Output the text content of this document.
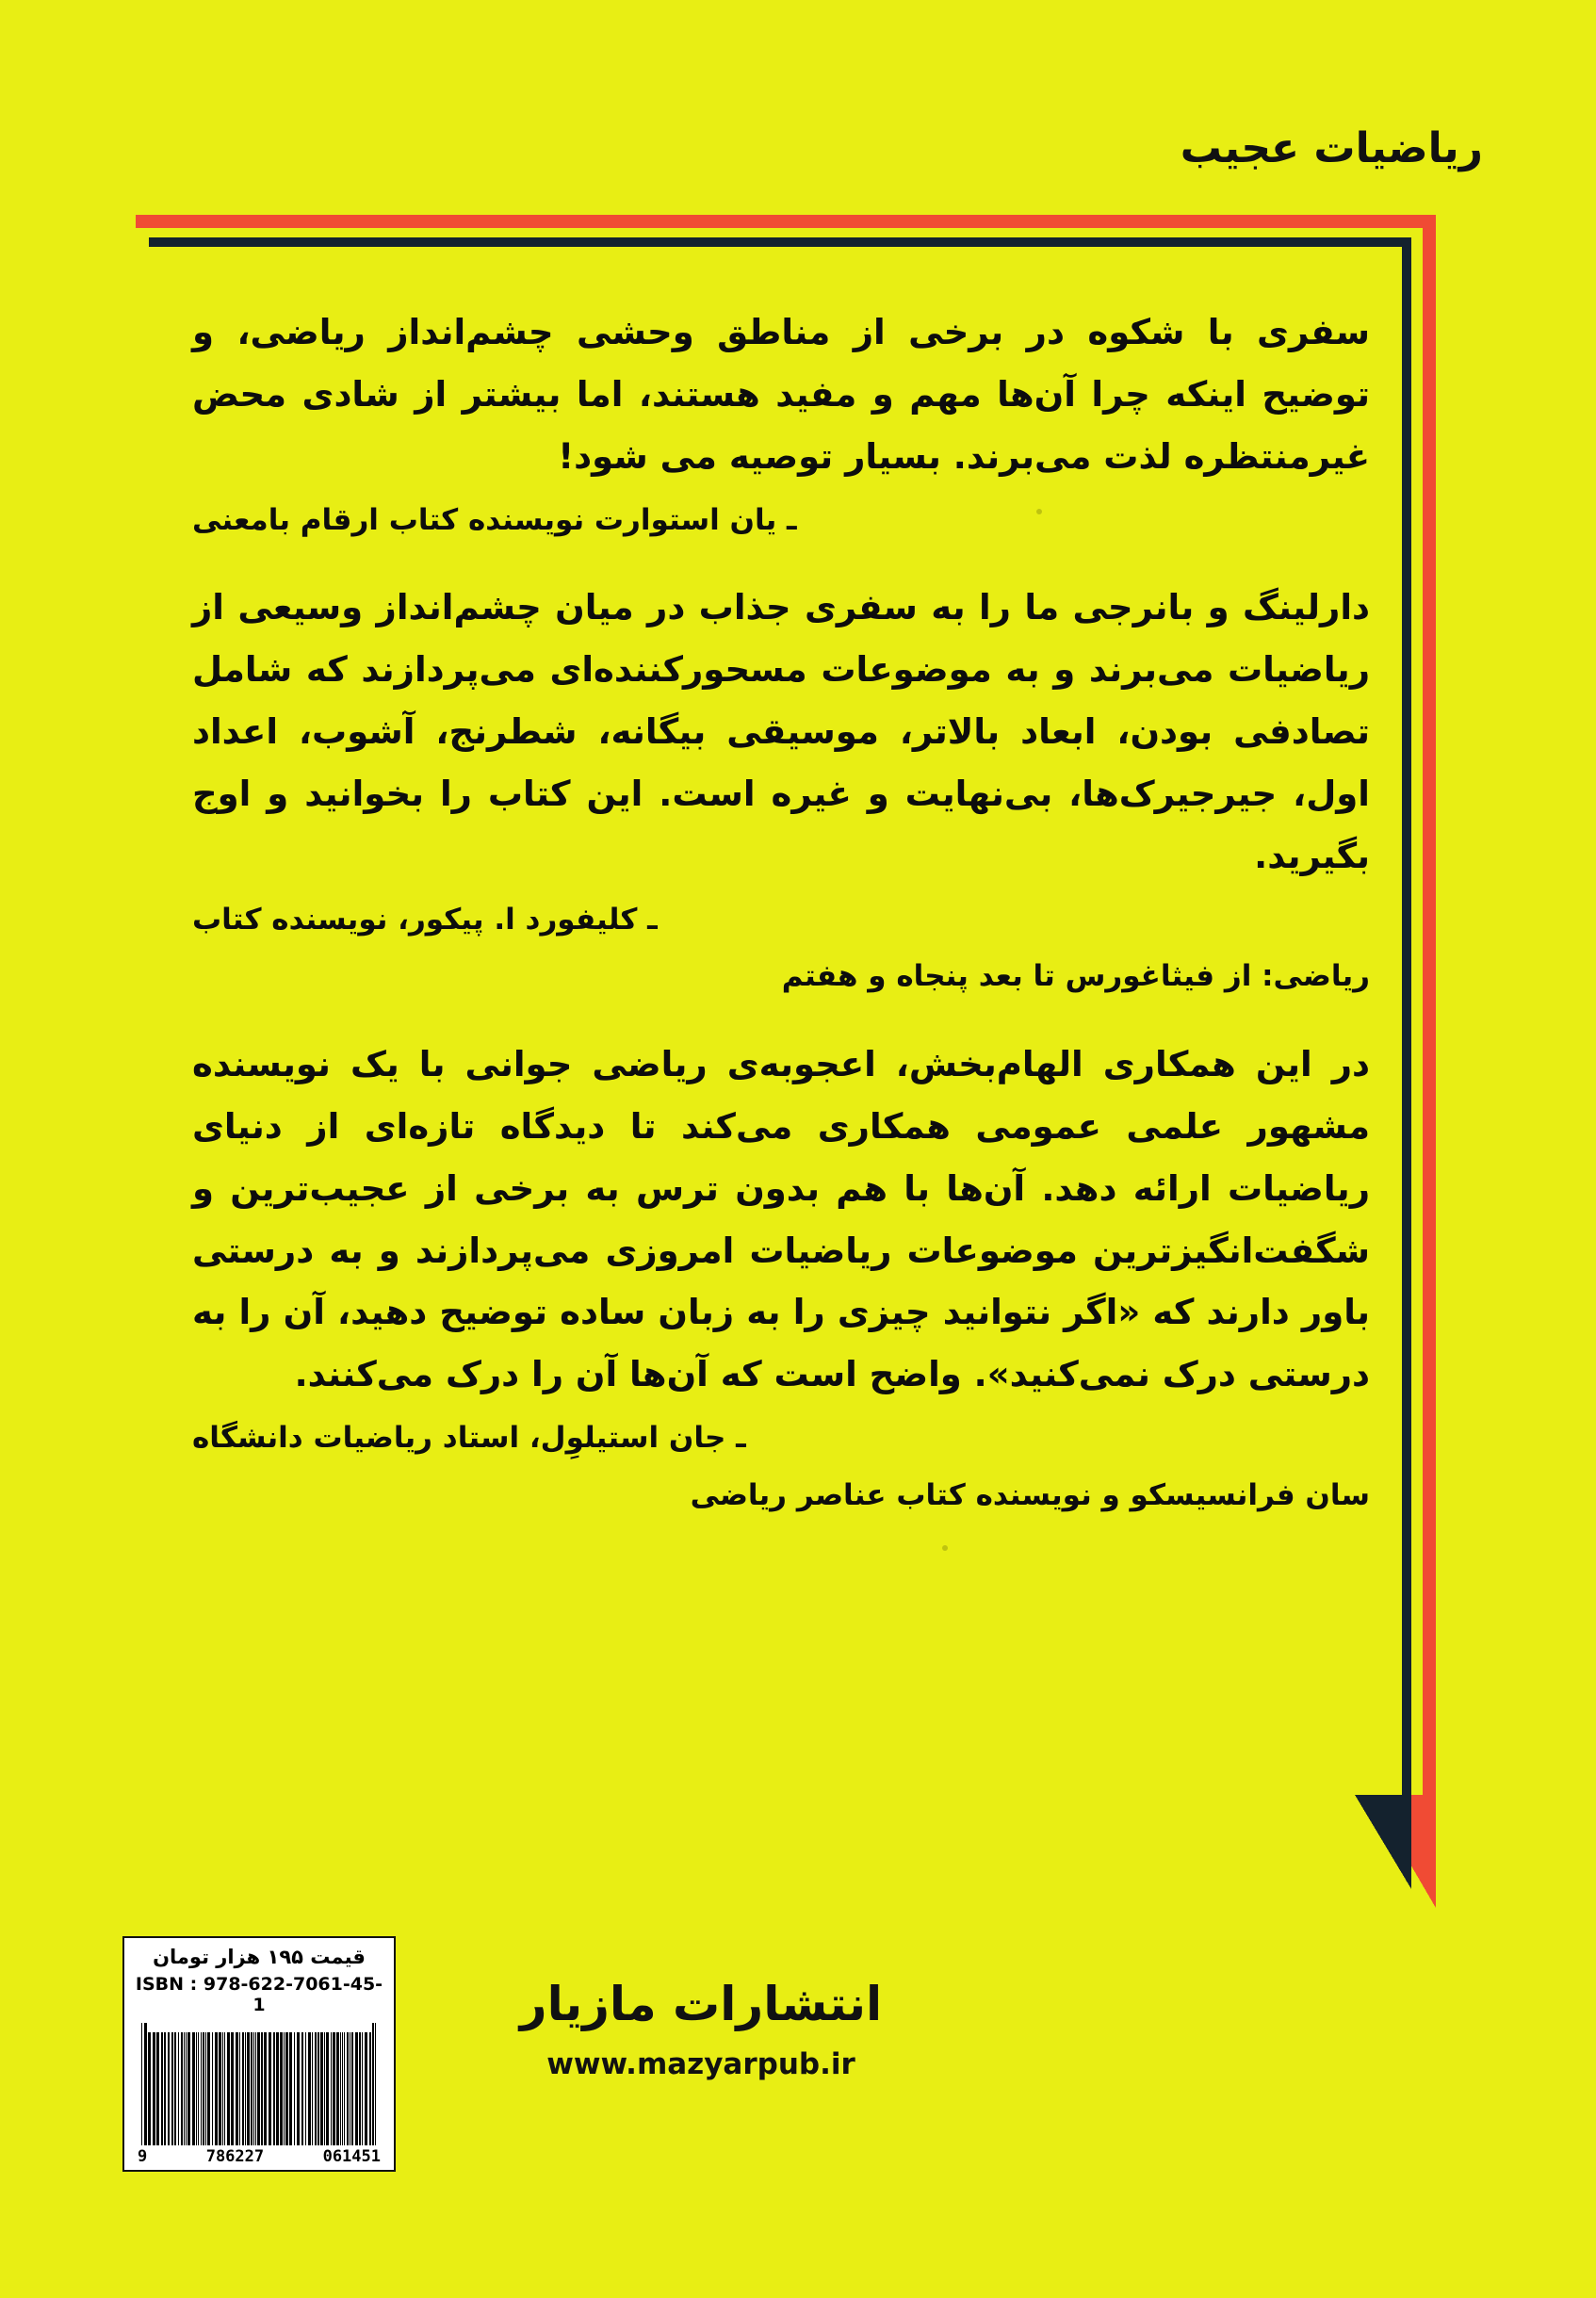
ریاضیات عجیب
سفری با شکوه در برخی از مناطق وحشی چشم‌انداز ریاضی، و توضیح اینکه چرا آن‌ها مهم و مفید هستند، اما بیشتر از شادی محض غیرمنتظره لذت می‌برند. بسیار توصیه می شود!
ـ یان استوارت نویسنده کتاب ارقام بامعنی
دارلینگ و بانرجی ما را به سفری جذاب در میان چشم‌انداز وسیعی از ریاضیات می‌برند و به موضوعات مسحورکننده‌ای می‌پردازند که شامل تصادفی بودن، ابعاد بالاتر، موسیقی بیگانه، شطرنج، آشوب، اعداد اول، جیرجیرک‌ها، بی‌نهایت و غیره است. این کتاب را بخوانید و اوج بگیرید.
ـ کلیفورد ا. پیکور، نویسنده کتاب
ریاضی: از فیثاغورس تا بعد پنجاه و هفتم
در این همکاری الهام‌بخش، اعجوبه‌ی ریاضی جوانی با یک نویسنده مشهور علمی عمومی همکاری می‌کند تا دیدگاه تازه‌ای از دنیای ریاضیات ارائه دهد. آن‌ها با هم بدون ترس به برخی از عجیب‌ترین و شگفت‌انگیزترین موضوعات ریاضیات امروزی می‌پردازند و به درستی باور دارند که «اگر نتوانید چیزی را به زبان ساده توضیح دهید، آن را به درستی درک نمی‌کنید». واضح است که آن‌ها آن را درک می‌کنند.
ـ جان استیلوِل، استاد ریاضیات دانشگاه
سان فرانسیسکو و نویسنده کتاب عناصر ریاضی
قیمت ۱۹۵ هزار تومان
ISBN : 978-622-7061-45-1
9	786227	061451
انتشارات مازیار
www.mazyarpub.ir
